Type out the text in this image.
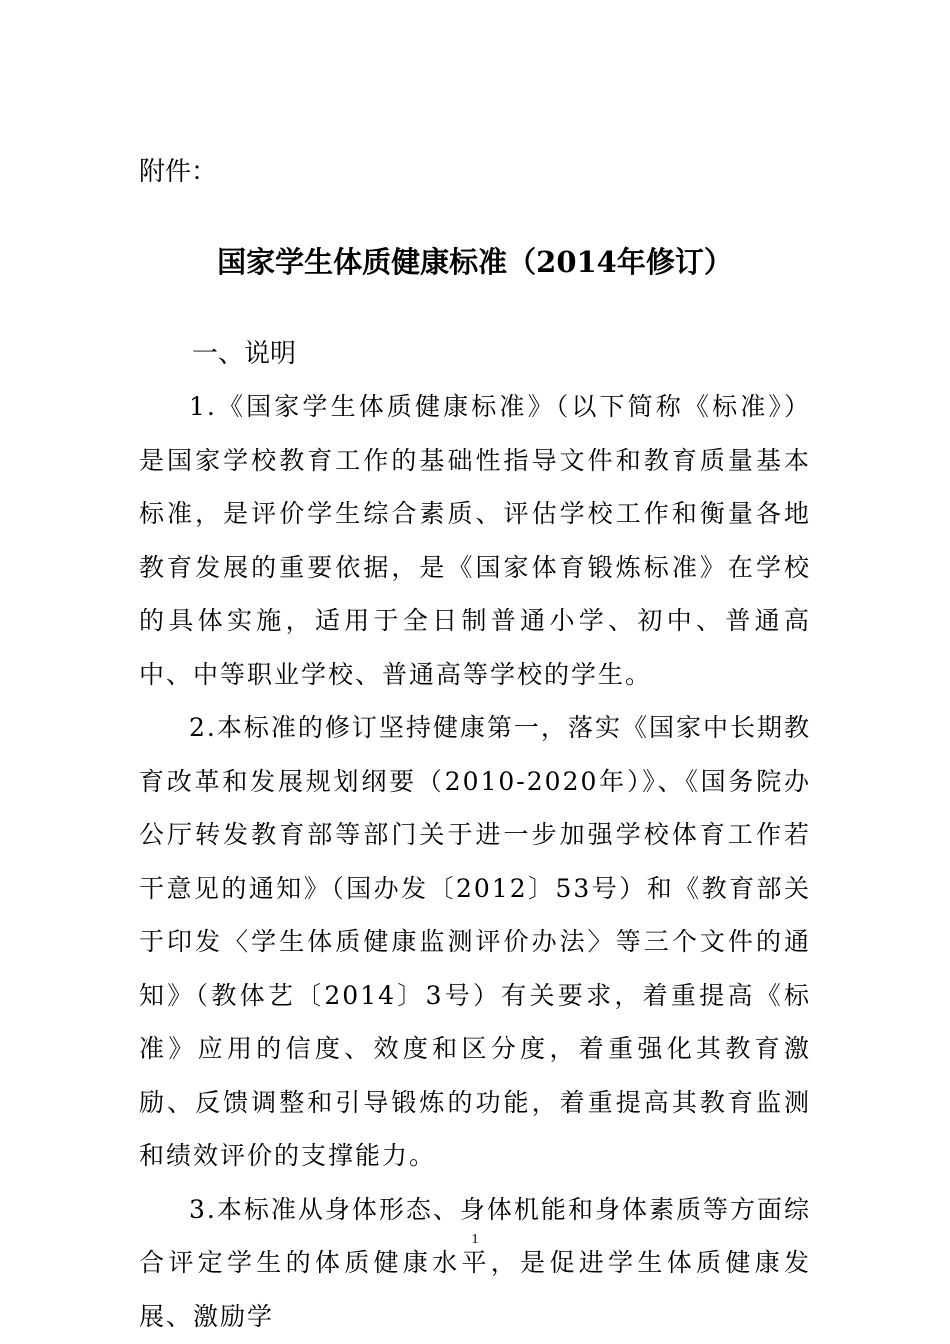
附件：
国家学生体质健康标准（2014年修订）
一、说明

1.《国家学生体质健康标准》（以下简称《标准》）是国家学校教育工作的基础性指导文件和教育质量基本标准，是评价学生综合素质、评估学校工作和衡量各地教育发展的重要依据，是《国家体育锻炼标准》在学校的具体实施，适用于全日制普通小学、初中、普通高中、中等职业学校、普通高等学校的学生。

2.本标准的修订坚持健康第一，落实《国家中长期教育改革和发展规划纲要（2010-2020年）》、《国务院办公厅转发教育部等部门关于进一步加强学校体育工作若干意见的通知》（国办发〔2012〕53号）和《教育部关于印发〈学生体质健康监测评价办法〉等三个文件的通知》（教体艺〔2014〕3号）有关要求，着重提高《标准》应用的信度、效度和区分度，着重强化其教育激励、反馈调整和引导锻炼的功能，着重提高其教育监测和绩效评价的支撑能力。

3.本标准从身体形态、身体机能和身体素质等方面综合评定学生的体质健康水平，是促进学生体质健康发展、激励学

1
